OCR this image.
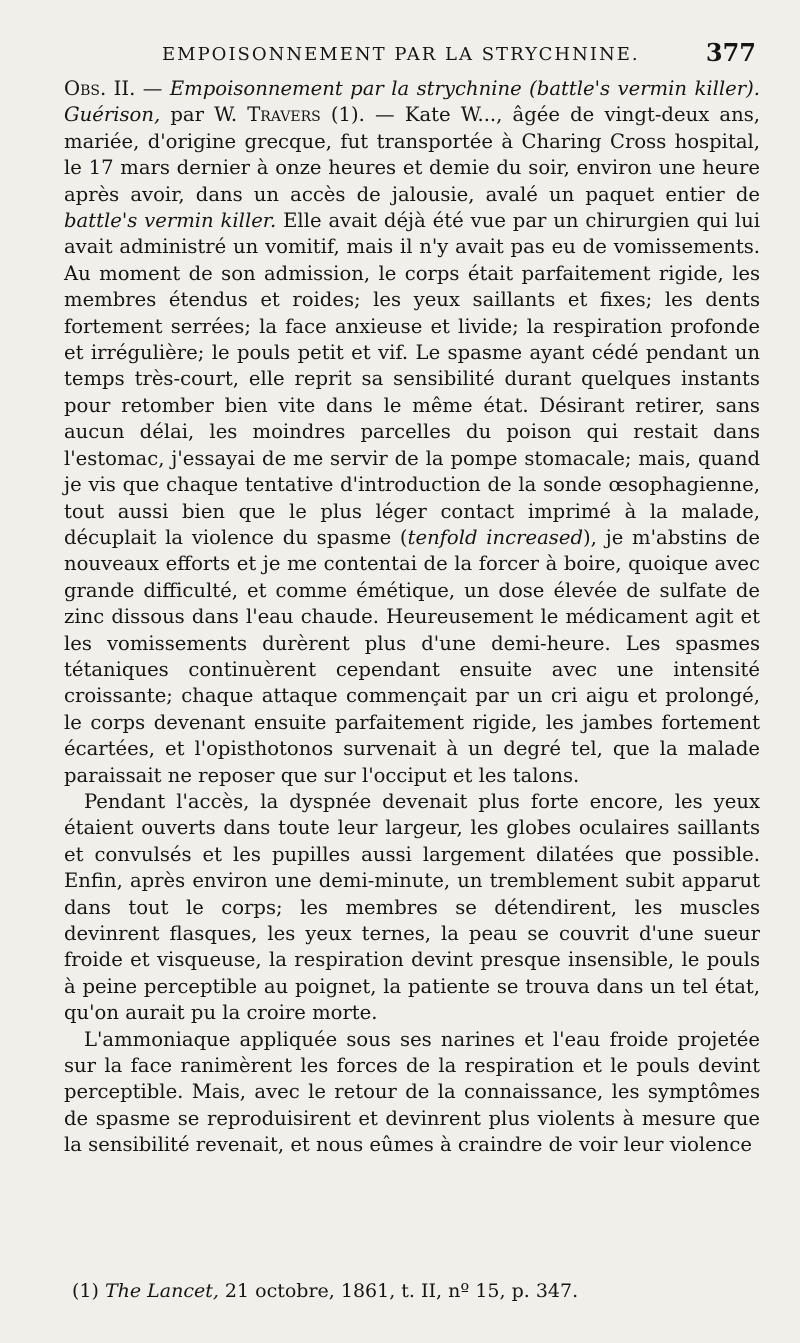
EMPOISONNEMENT PAR LA STRYCHNINE.	377

Obs. II. — Empoisonnement par la strychnine (battle's vermin killer). Guérison, par W. Travers (1). — Kate W..., âgée de vingt-deux ans, mariée, d'origine grecque, fut transportée à Charing Cross hospital, le 17 mars dernier à onze heures et demie du soir, environ une heure après avoir, dans un accès de jalousie, avalé un paquet entier de battle's vermin killer. Elle avait déjà été vue par un chirurgien qui lui avait administré un vomitif, mais il n'y avait pas eu de vomissements. Au moment de son admission, le corps était parfaitement rigide, les membres étendus et roides; les yeux saillants et fixes; les dents fortement serrées; la face anxieuse et livide; la respiration profonde et irrégulière; le pouls petit et vif. Le spasme ayant cédé pendant un temps très-court, elle reprit sa sensibilité durant quelques instants pour retomber bien vite dans le même état. Désirant retirer, sans aucun délai, les moindres parcelles du poison qui restait dans l'estomac, j'essayai de me servir de la pompe stomacale; mais, quand je vis que chaque tentative d'introduction de la sonde œsophagienne, tout aussi bien que le plus léger contact imprimé à la malade, décuplait la violence du spasme (tenfold increased), je m'abstins de nouveaux efforts et je me contentai de la forcer à boire, quoique avec grande difficulté, et comme émétique, un dose élevée de sulfate de zinc dissous dans l'eau chaude. Heureusement le médicament agit et les vomissements durèrent plus d'une demi-heure. Les spasmes tétaniques continuèrent cependant ensuite avec une intensité croissante; chaque attaque commençait par un cri aigu et prolongé, le corps devenant ensuite parfaitement rigide, les jambes fortement écartées, et l'opisthotonos survenait à un degré tel, que la malade paraissait ne reposer que sur l'occiput et les talons.

Pendant l'accès, la dyspnée devenait plus forte encore, les yeux étaient ouverts dans toute leur largeur, les globes oculaires saillants et convulsés et les pupilles aussi largement dilatées que possible. Enfin, après environ une demi-minute, un tremblement subit apparut dans tout le corps; les membres se détendirent, les muscles devinrent flasques, les yeux ternes, la peau se couvrit d'une sueur froide et visqueuse, la respiration devint presque insensible, le pouls à peine perceptible au poignet, la patiente se trouva dans un tel état, qu'on aurait pu la croire morte.

L'ammoniaque appliquée sous ses narines et l'eau froide projetée sur la face ranimèrent les forces de la respiration et le pouls devint perceptible. Mais, avec le retour de la connaissance, les symptômes de spasme se reproduisirent et devinrent plus violents à mesure que la sensibilité revenait, et nous eûmes à craindre de voir leur violence

(1) The Lancet, 21 octobre, 1861, t. II, nº 15, p. 347.
